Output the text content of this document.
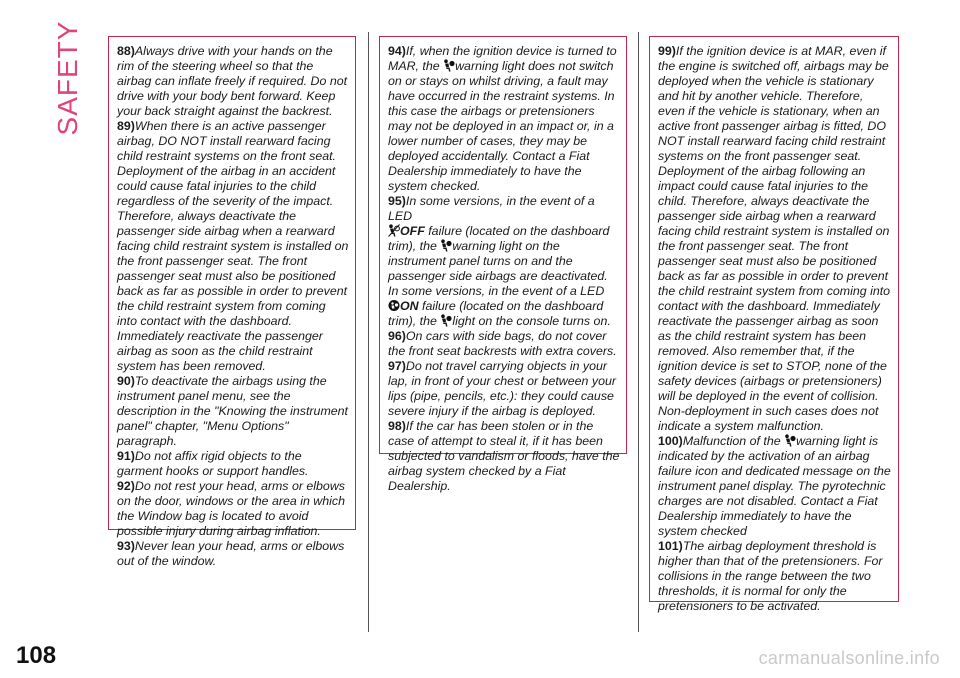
SAFETY	88)Always drive with your hands on the rim of the steering wheel so that the airbag can inflate freely if required. Do not drive with your body bent forward. Keep your back straight against the backrest.
89)When there is an active passenger airbag, DO NOT install rearward facing child restraint systems on the front seat. Deployment of the airbag in an accident could cause fatal injuries to the child regardless of the severity of the impact. Therefore, always deactivate the passenger side airbag when a rearward facing child restraint system is installed on the front passenger seat. The front passenger seat must also be positioned back as far as possible in order to prevent the child restraint system from coming into contact with the dashboard. Immediately reactivate the passenger airbag as soon as the child restraint system has been removed.
90)To deactivate the airbags using the instrument panel menu, see the description in the "Knowing the instrument panel" chapter, "Menu Options" paragraph.
91)Do not affix rigid objects to the garment hooks or support handles.
92)Do not rest your head, arms or elbows on the door, windows or the area in which the Window bag is located to avoid possible injury during airbag inflation.
93)Never lean your head, arms or elbows out of the window.
94)If, when the ignition device is turned to MAR, the warning light does not switch on or stays on whilst driving, a fault may have occurred in the restraint systems. In this case the airbags or pretensioners may not be deployed in an impact or, in a lower number of cases, they may be deployed accidentally. Contact a Fiat Dealership immediately to have the system checked.
95)In some versions, in the event of a LED
OFF failure (located on the dashboard trim), the warning light on the instrument panel turns on and the passenger side airbags are deactivated. In some versions, in the event of a LED
ON failure (located on the dashboard trim), the light on the console turns on.
96)On cars with side bags, do not cover the front seat backrests with extra covers.
97)Do not travel carrying objects in your lap, in front of your chest or between your lips (pipe, pencils, etc.): they could cause severe injury if the airbag is deployed.
98)If the car has been stolen or in the case of attempt to steal it, if it has been subjected to vandalism or floods, have the airbag system checked by a Fiat Dealership.
99)If the ignition device is at MAR, even if the engine is switched off, airbags may be deployed when the vehicle is stationary and hit by another vehicle. Therefore, even if the vehicle is stationary, when an active front passenger airbag is fitted, DO NOT install rearward facing child restraint systems on the front passenger seat. Deployment of the airbag following an impact could cause fatal injuries to the child. Therefore, always deactivate the passenger side airbag when a rearward facing child restraint system is installed on the front passenger seat. The front passenger seat must also be positioned back as far as possible in order to prevent the child restraint system from coming into contact with the dashboard. Immediately reactivate the passenger airbag as soon as the child restraint system has been removed. Also remember that, if the ignition device is set to STOP, none of the safety devices (airbags or pretensioners) will be deployed in the event of collision. Non-deployment in such cases does not indicate a system malfunction.
100)Malfunction of the warning light is indicated by the activation of an airbag failure icon and dedicated message on the instrument panel display. The pyrotechnic charges are not disabled. Contact a Fiat Dealership immediately to have the system checked
101)The airbag deployment threshold is higher than that of the pretensioners. For collisions in the range between the two thresholds, it is normal for only the pretensioners to be activated.
108	carmanualsonline.info
